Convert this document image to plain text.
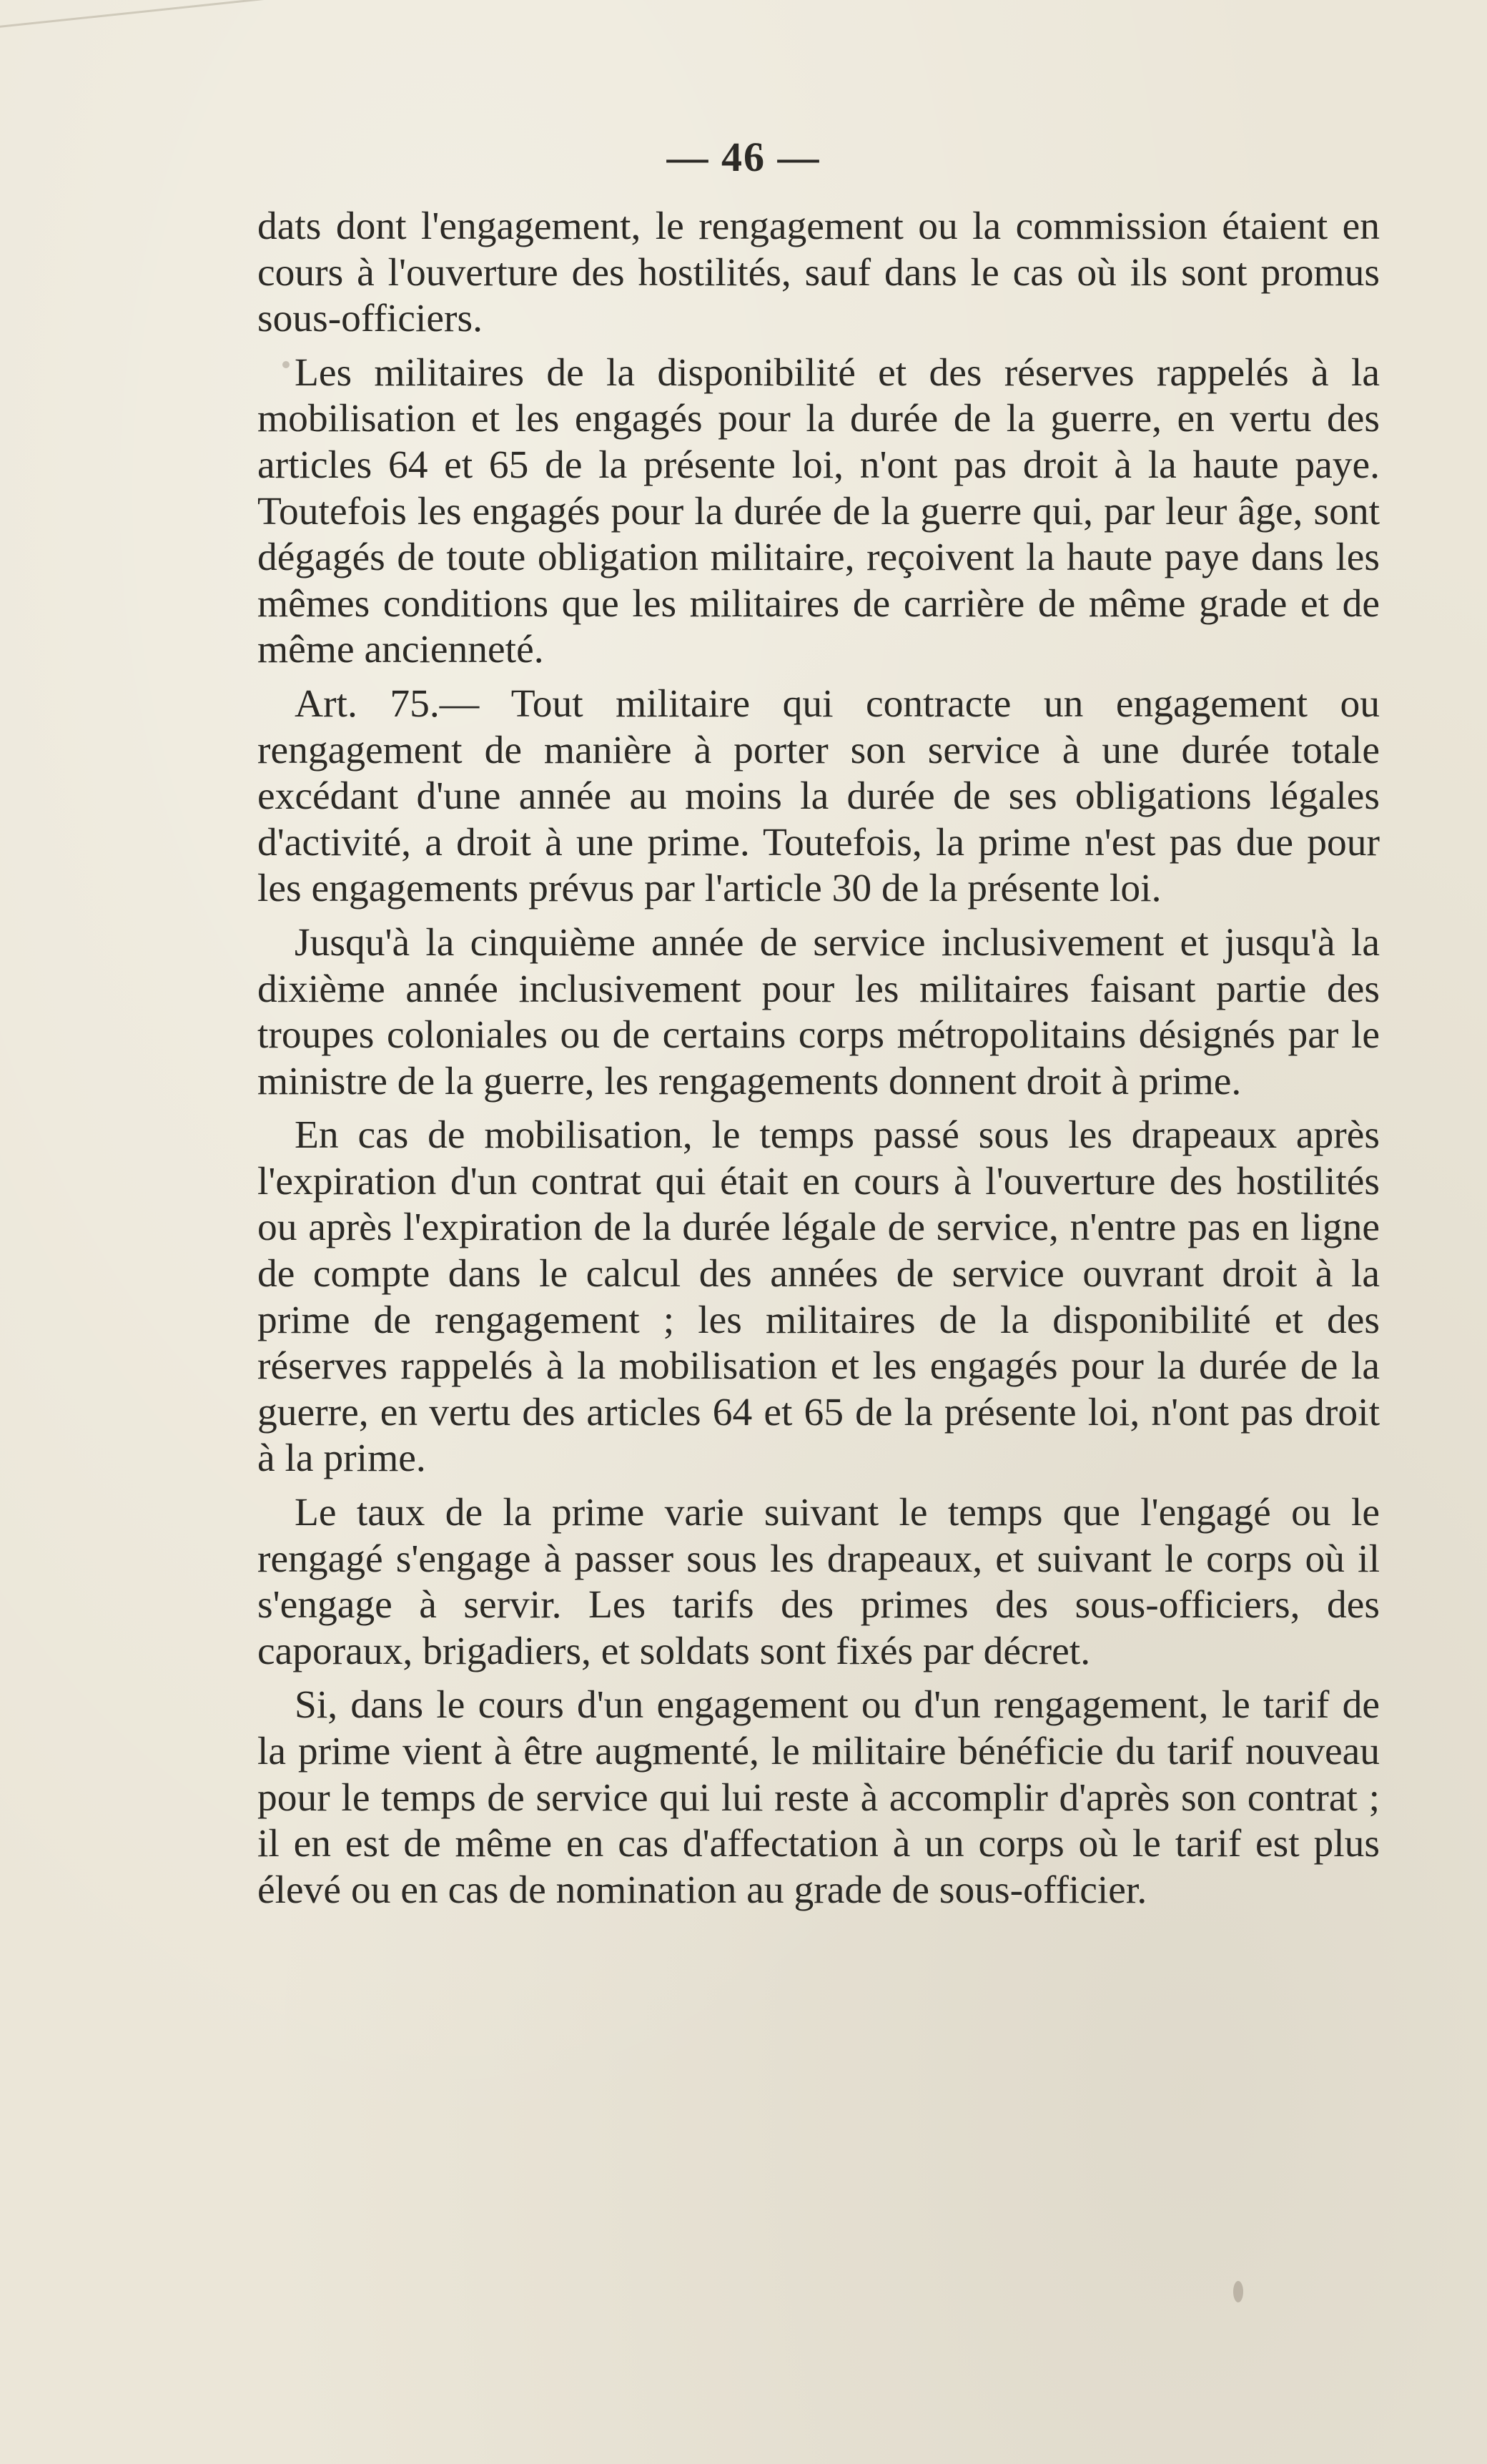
— 46 —

dats dont l'engagement, le rengagement ou la commission étaient en cours à l'ouverture des hostilités, sauf dans le cas où ils sont promus sous-officiers.

Les militaires de la disponibilité et des réserves rappelés à la mobilisation et les engagés pour la durée de la guerre, en vertu des articles 64 et 65 de la présente loi, n'ont pas droit à la haute paye. Toutefois les engagés pour la durée de la guerre qui, par leur âge, sont dégagés de toute obligation militaire, reçoivent la haute paye dans les mêmes conditions que les militaires de carrière de même grade et de même ancienneté.

Art. 75.— Tout militaire qui contracte un engagement ou rengagement de manière à porter son service à une durée totale excédant d'une année au moins la durée de ses obligations légales d'activité, a droit à une prime. Toutefois, la prime n'est pas due pour les engagements prévus par l'article 30 de la présente loi.

Jusqu'à la cinquième année de service inclusivement et jusqu'à la dixième année inclusivement pour les militaires faisant partie des troupes coloniales ou de certains corps métropolitains désignés par le ministre de la guerre, les rengagements donnent droit à prime.

En cas de mobilisation, le temps passé sous les drapeaux après l'expiration d'un contrat qui était en cours à l'ouverture des hostilités ou après l'expiration de la durée légale de service, n'entre pas en ligne de compte dans le calcul des années de service ouvrant droit à la prime de rengagement ; les militaires de la disponibilité et des réserves rappelés à la mobilisation et les engagés pour la durée de la guerre, en vertu des articles 64 et 65 de la présente loi, n'ont pas droit à la prime.

Le taux de la prime varie suivant le temps que l'engagé ou le rengagé s'engage à passer sous les drapeaux, et suivant le corps où il s'engage à servir. Les tarifs des primes des sous-officiers, des caporaux, brigadiers, et soldats sont fixés par décret.

Si, dans le cours d'un engagement ou d'un rengagement, le tarif de la prime vient à être augmenté, le militaire bénéficie du tarif nouveau pour le temps de service qui lui reste à accomplir d'après son contrat ; il en est de même en cas d'affectation à un corps où le tarif est plus élevé ou en cas de nomination au grade de sous-officier.
